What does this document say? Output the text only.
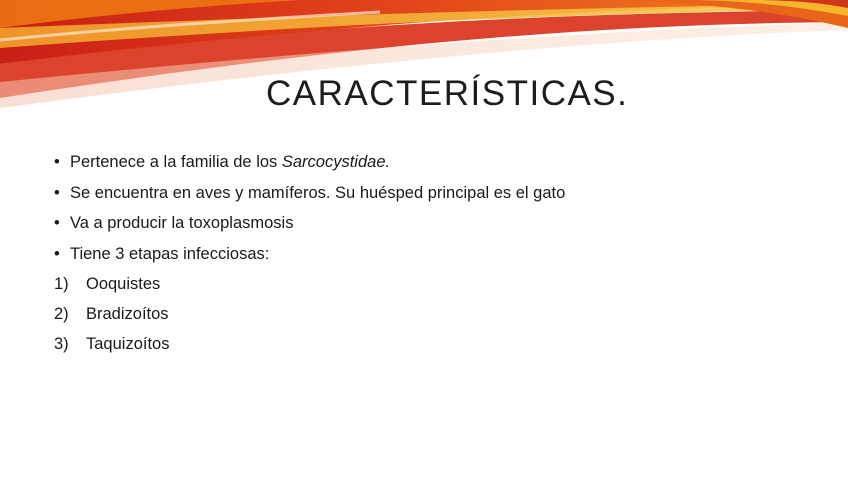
CARACTERÍSTICAS.
• Pertenece a la familia de los Sarcocystidae.
• Se encuentra en aves y mamíferos. Su huésped principal es el gato
• Va a producir la toxoplasmosis
• Tiene 3 etapas infecciosas:
1) Ooquistes
2) Bradizoítos
3) Taquizoítos
